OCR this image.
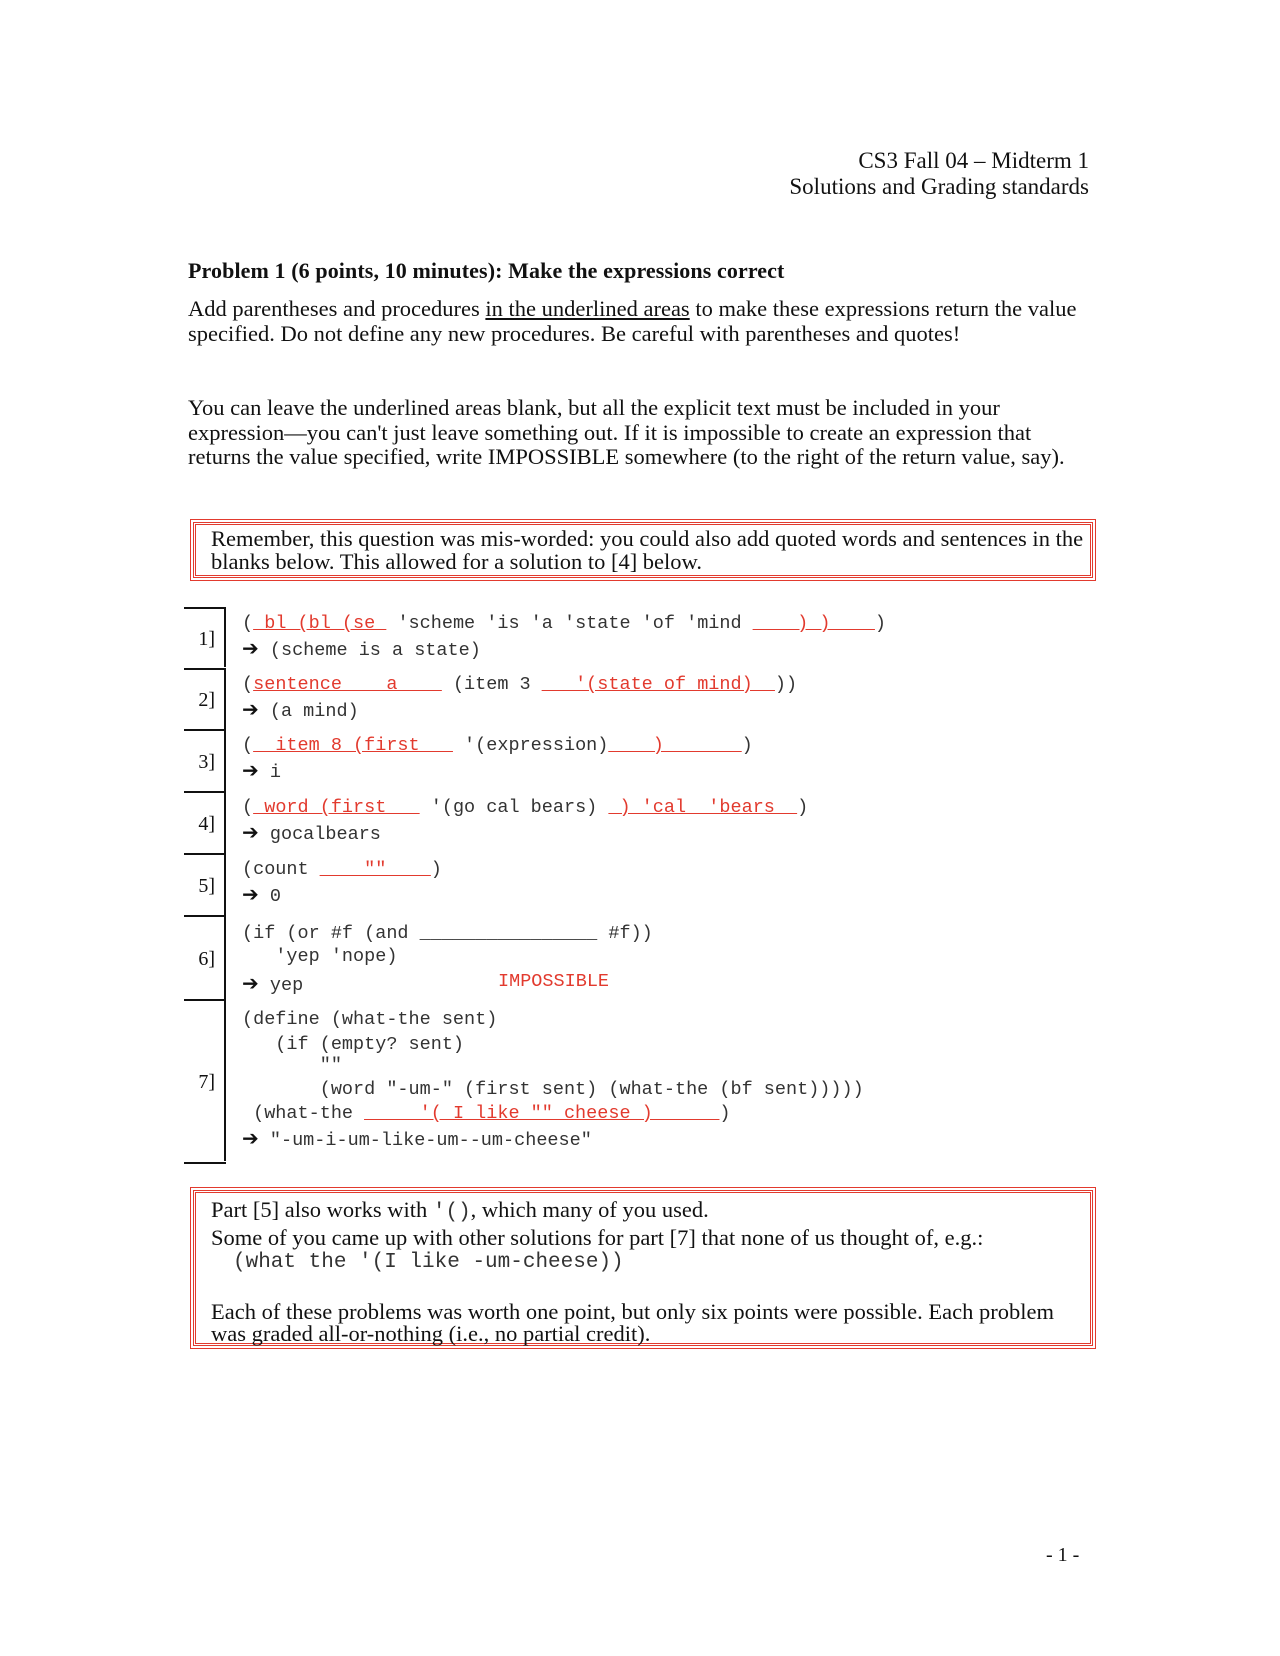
CS3 Fall 04 – Midterm 1
Solutions and Grading standards
Problem 1 (6 points, 10 minutes): Make the expressions correct
Add parentheses and procedures in the underlined areas to make these expressions return the value specified. Do not define any new procedures. Be careful with parentheses and quotes!
You can leave the underlined areas blank, but all the explicit text must be included in your expression—you can't just leave something out. If it is impossible to create an expression that returns the value specified, write IMPOSSIBLE somewhere (to the right of the return value, say).
Remember, this question was mis-worded: you could also add quoted words and sentences in the blanks below. This allowed for a solution to [4] below.
1]
( bl (bl (se  'scheme 'is 'a 'state 'of 'mind ____) ) ___)
➔ (scheme is a state)
2]
(sentence    a     (item 3 ___'(state of mind) _))
➔ (a mind)
3]
(  item 8 (first    '(expression)____)_______)
➔ i
4]
( word (first    '(go cal bears)  ) 'cal  'bears  )
➔ gocalbears
5]
(count ____""____)
➔ 0
6]
(if (or #f (and ________________ #f))
'yep 'nope)
➔ yep	IMPOSSIBLE
7]
(define (what-the sent)
(if (empty? sent)
""
(word "-um-" (first sent) (what-the (bf sent)))))
(what-the _____'( I like "" cheese )______)
➔ "-um-i-um-like-um--um-cheese"
Part [5] also works with '(), which many of you used.
Some of you came up with other solutions for part [7] that none of us thought of, e.g.:
(what the '(I like -um-cheese))
Each of these problems was worth one point, but only six points were possible. Each problem was graded all-or-nothing (i.e., no partial credit).
- 1 -
